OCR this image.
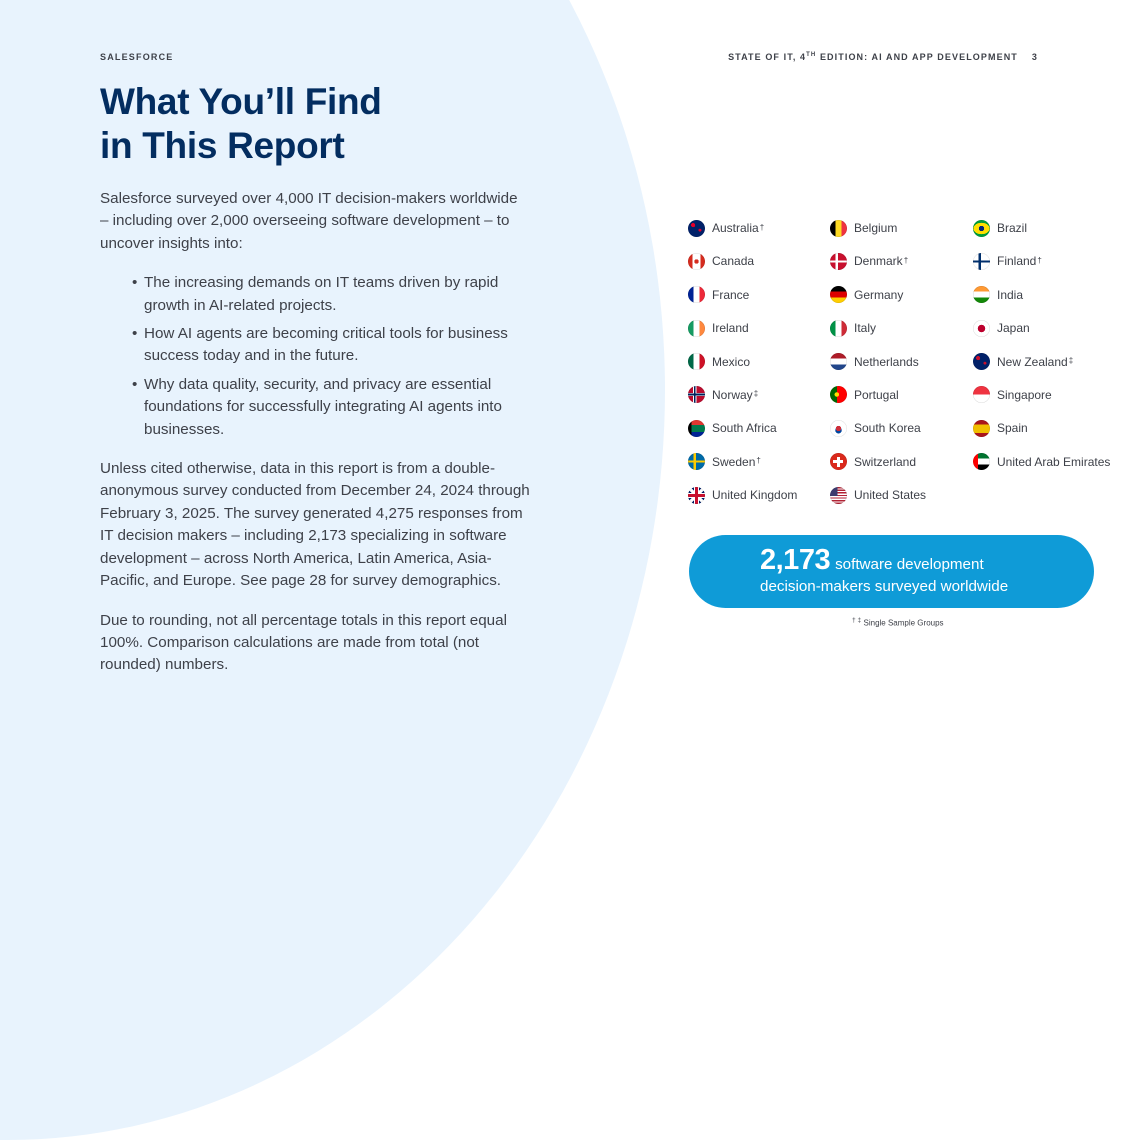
SALESFORCE	STATE OF IT, 4TH EDITION: AI AND APP DEVELOPMENT 3
What You’ll Find
in This Report

Salesforce surveyed over 4,000 IT decision-makers worldwide – including over 2,000 overseeing software development – to uncover insights into:

• The increasing demands on IT teams driven by rapid growth in AI-related projects.
• How AI agents are becoming critical tools for business success today and in the future.
• Why data quality, security, and privacy are essential foundations for successfully integrating AI agents into businesses.

Unless cited otherwise, data in this report is from a double-anonymous survey conducted from December 24, 2024 through February 3, 2025. The survey generated 4,275 responses from IT decision makers – including 2,173 specializing in software development – across North America, Latin America, Asia-Pacific, and Europe. See page 28 for survey demographics.

Due to rounding, not all percentage totals in this report equal 100%. Comparison calculations are made from total (not rounded) numbers.

Australia†	Belgium	Brazil
Canada	Denmark†	Finland†
France	Germany	India
Ireland	Italy	Japan
Mexico	Netherlands	New Zealand‡
Norway‡	Portugal	Singapore
South Africa	South Korea	Spain
Sweden†	Switzerland	United Arab Emirates
United Kingdom	United States
2,173 software development
decision-makers surveyed worldwide
† ‡ Single Sample Groups
